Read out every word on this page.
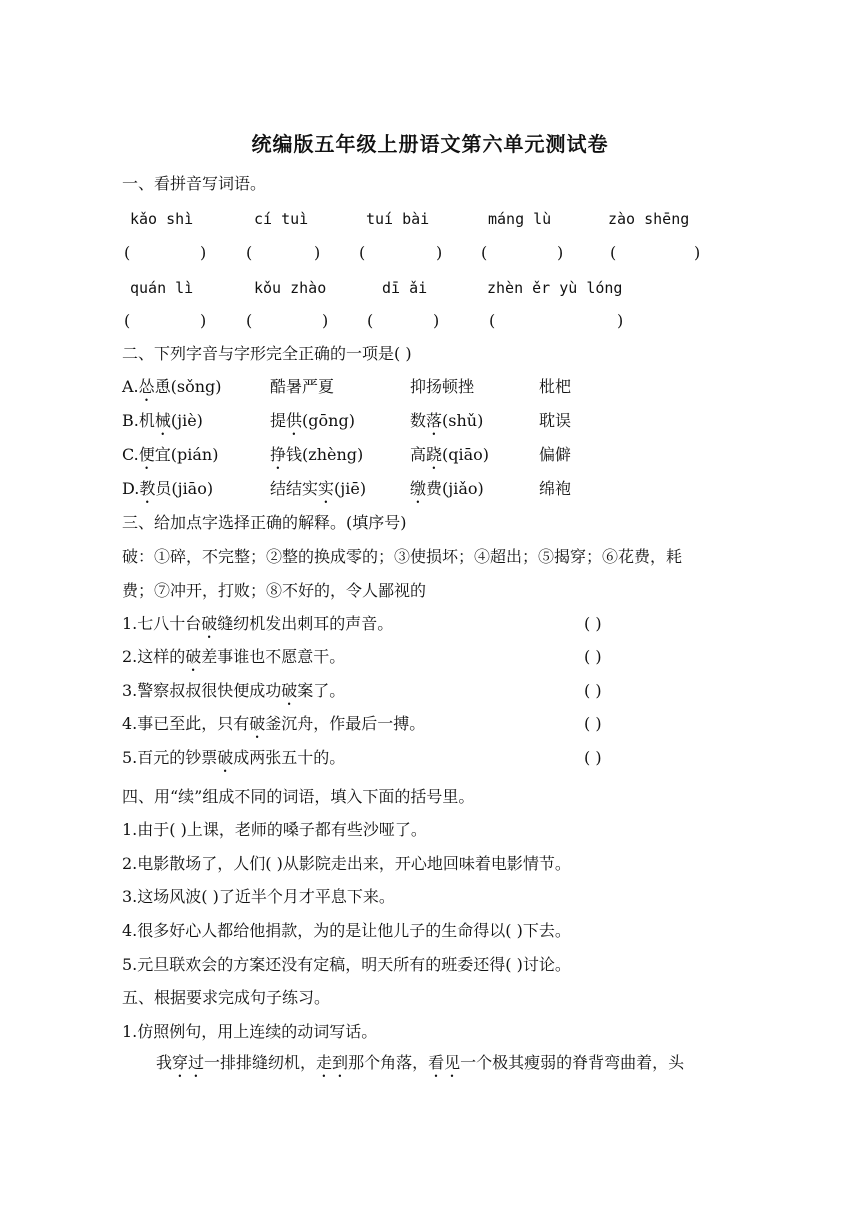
统编版五年级上册语文第六单元测试卷
一、看拼音写词语。
kǎo shì	cí tuì	tuí bài	máng lù	zào shēng
(	) (	) (	) (	)	(	)
quán lì	kǒu zhào	dī ǎi	zhèn ěr yù lóng
(	) (	) (	)	(	)
二、下列字音与字形完全正确的一项是( )
A.怂恿(sǒng)	酷暑严夏	抑扬顿挫	枇杷
B.机械(jiè)	提供(gōng)	数落(shǔ)	耽误
C.便宜(pián)	挣钱(zhèng)	高跷(qiāo)	偏僻
D.教员(jiāo)	结结实实(jiē)	缴费(jiǎo)	绵袍
三、给加点字选择正确的解释。(填序号)
破：①碎，不完整；②整的换成零的；③使损坏；④超出；⑤揭穿；⑥花费，耗
费；⑦冲开，打败；⑧不好的，令人鄙视的
1.七八十台破缝纫机发出刺耳的声音。	( )
2.这样的破差事谁也不愿意干。	( )
3.警察叔叔很快便成功破案了。	( )
4.事已至此，只有破釜沉舟，作最后一搏。	( )
5.百元的钞票破成两张五十的。	( )
四、用“续”组成不同的词语，填入下面的括号里。
1.由于( )上课，老师的嗓子都有些沙哑了。
2.电影散场了，人们( )从影院走出来，开心地回味着电影情节。
3.这场风波( )了近半个月才平息下来。
4.很多好心人都给他捐款，为的是让他儿子的生命得以( )下去。
5.元旦联欢会的方案还没有定稿，明天所有的班委还得( )讨论。
五、根据要求完成句子练习。
1.仿照例句，用上连续的动词写话。
我穿过一排排缝纫机，走到那个角落，看见一个极其瘦弱的脊背弯曲着，头
